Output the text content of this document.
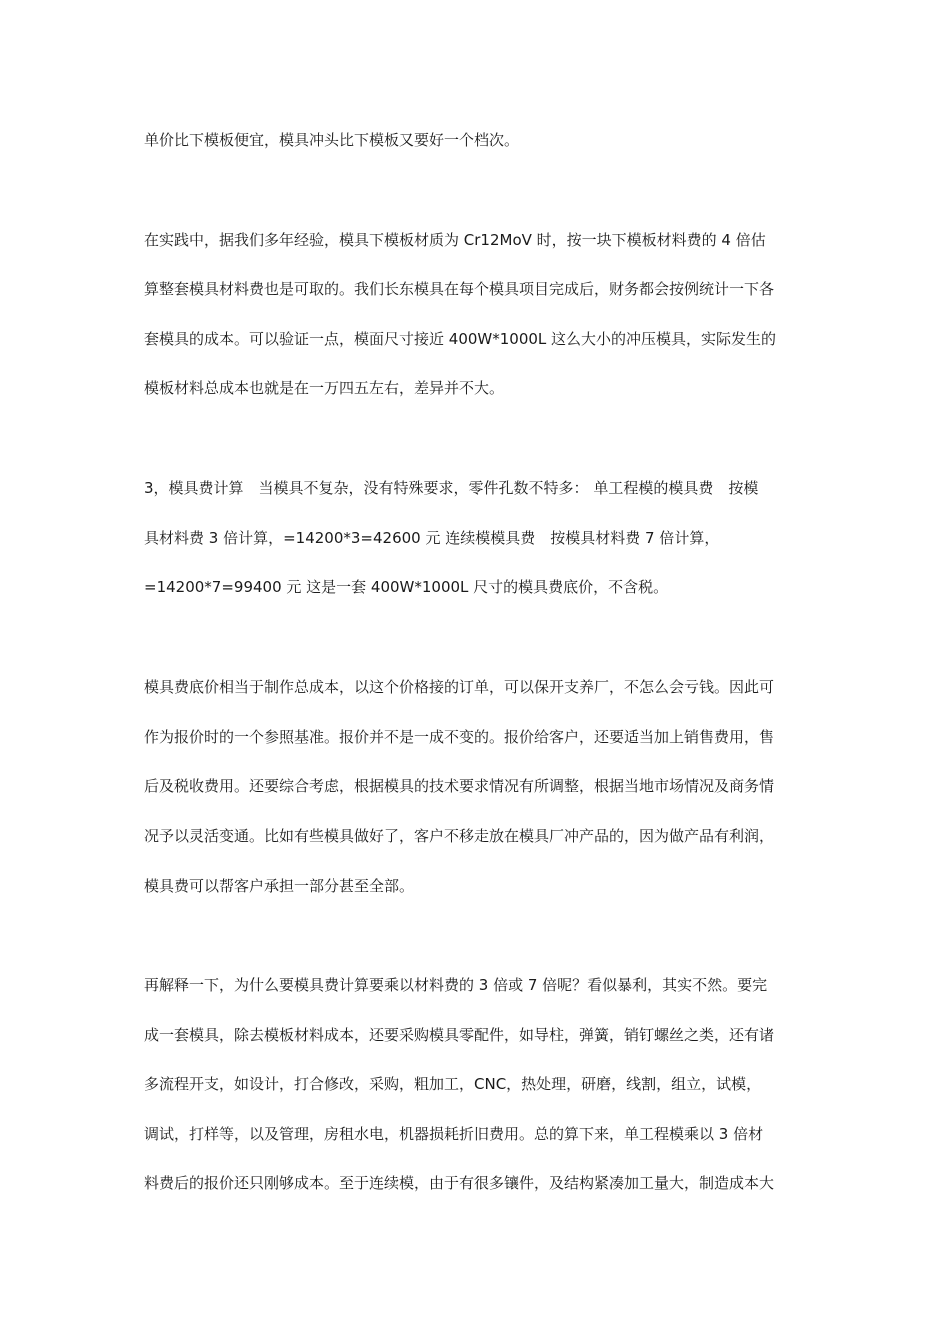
单价比下模板便宜，模具冲头比下模板又要好一个档次。
在实践中，据我们多年经验，模具下模板材质为 Cr12MoV 时，按一块下模板材料费的 4 倍估
算整套模具材料费也是可取的。我们长东模具在每个模具项目完成后，财务都会按例统计一下各
套模具的成本。可以验证一点，模面尺寸接近 400W*1000L 这么大小的冲压模具，实际发生的
模板材料总成本也就是在一万四五左右，差异并不大。
3，模具费计算　当模具不复杂，没有特殊要求，零件孔数不特多： 单工程模的模具费　按模
具材料费 3 倍计算，=14200*3=42600 元 连续模模具费　按模具材料费 7 倍计算，
=14200*7=99400 元 这是一套 400W*1000L 尺寸的模具费底价，不含税。
模具费底价相当于制作总成本，以这个价格接的订单，可以保开支养厂，不怎么会亏钱。因此可
作为报价时的一个参照基准。报价并不是一成不变的。报价给客户，还要适当加上销售费用，售
后及税收费用。还要综合考虑，根据模具的技术要求情况有所调整，根据当地市场情况及商务情
况予以灵活变通。比如有些模具做好了，客户不移走放在模具厂冲产品的，因为做产品有利润，
模具费可以帮客户承担一部分甚至全部。
再解释一下，为什么要模具费计算要乘以材料费的 3 倍或 7 倍呢？看似暴利，其实不然。要完
成一套模具，除去模板材料成本，还要采购模具零配件，如导柱，弹簧，销钉螺丝之类，还有诸
多流程开支，如设计，打合修改，采购，粗加工，CNC，热处理，研磨，线割，组立，试模，
调试，打样等，以及管理，房租水电，机器损耗折旧费用。总的算下来，单工程模乘以 3 倍材
料费后的报价还只刚够成本。至于连续模，由于有很多镶件，及结构紧凑加工量大，制造成本大
